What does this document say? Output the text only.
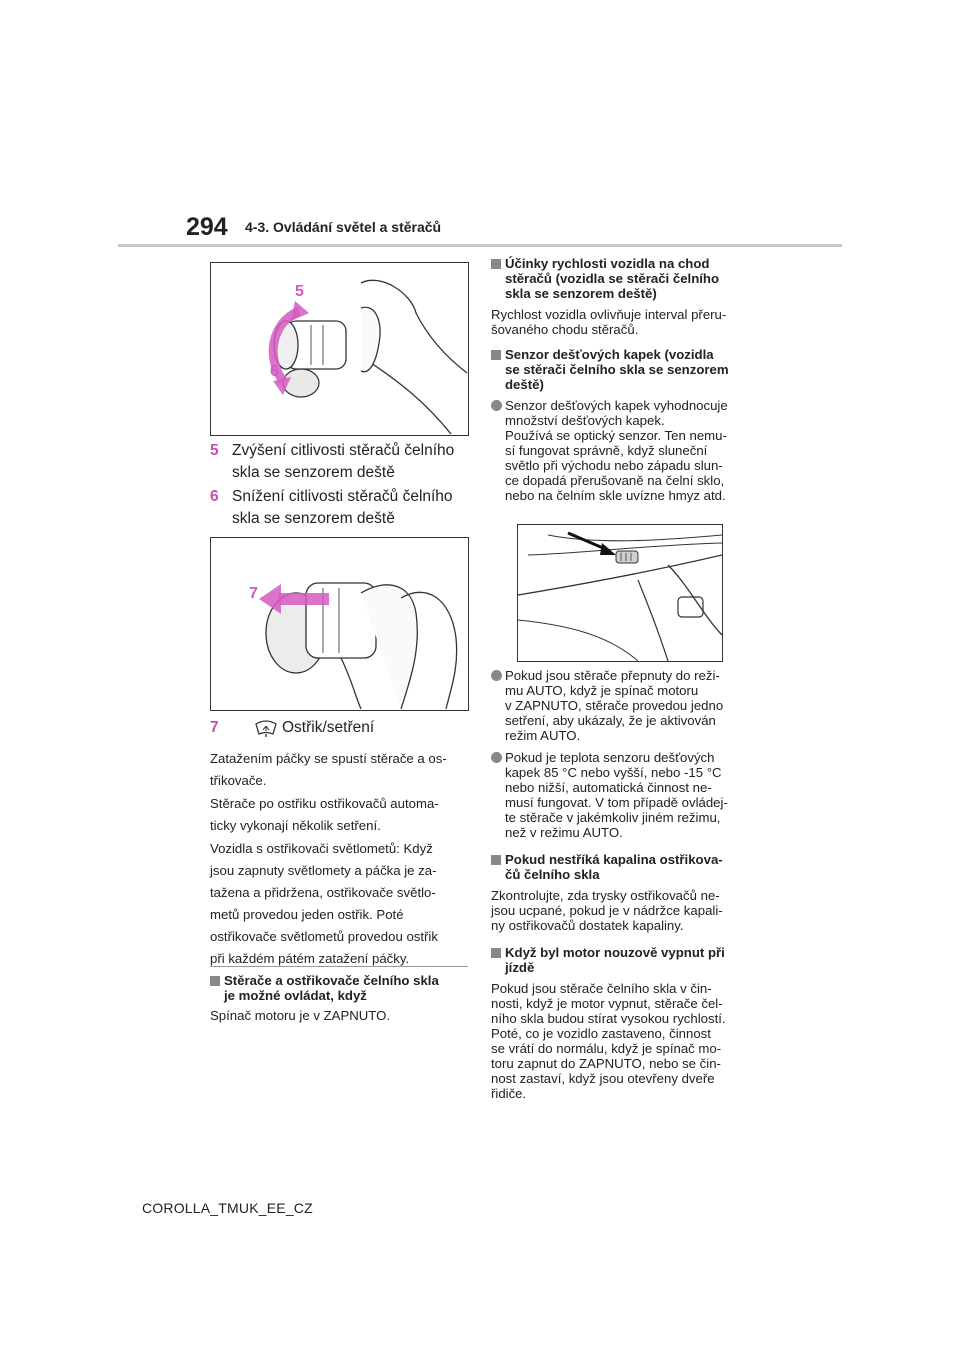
294 4-3. Ovládání světel a stěračů
5
6

5 Zvýšení citlivosti stěračů čelního
skla se senzorem deště

6 Snížení citlivosti stěračů čelního
skla se senzorem deště
7
7	Ostřik/setření
Zatažením páčky se spustí stěrače a os-
třikovače.
Stěrače po ostřiku ostřikovačů automa-
ticky vykonají několik setření.
Vozidla s ostřikovači světlometů: Když
jsou zapnuty světlomety a páčka je za-
tažena a přidržena, ostřikovače světlo-
metů provedou jeden ostřik. Poté
ostřikovače světlometů provedou ostřik
při každém pátém zatažení páčky.
Stěrače a ostřikovače čelního skla
je možné ovládat, když
Spínač motoru je v ZAPNUTO.
Účinky rychlosti vozidla na chod
stěračů (vozidla se stěrači čelního
skla se senzorem deště)
Rychlost vozidla ovlivňuje interval přeru-
šovaného chodu stěračů.
Senzor dešťových kapek (vozidla
se stěrači čelního skla se senzorem
deště)
Senzor dešťových kapek vyhodnocuje
množství dešťových kapek.
Používá se optický senzor. Ten nemu-
sí fungovat správně, když sluneční
světlo při východu nebo západu slun-
ce dopadá přerušovaně na čelní sklo,
nebo na čelním skle uvízne hmyz atd.
Pokud jsou stěrače přepnuty do reži-
mu AUTO, když je spínač motoru
v ZAPNUTO, stěrače provedou jedno
setření, aby ukázaly, že je aktivován
režim AUTO.
Pokud je teplota senzoru dešťových
kapek 85 °C nebo vyšší, nebo -15 °C
nebo nižší, automatická činnost ne-
musí fungovat. V tom případě ovládej-
te stěrače v jakémkoliv jiném režimu,
než v režimu AUTO.
Pokud nestříká kapalina ostřikova-
čů čelního skla
Zkontrolujte, zda trysky ostřikovačů ne-
jsou ucpané, pokud je v nádržce kapali-
ny ostřikovačů dostatek kapaliny.
Když byl motor nouzově vypnut při
jízdě
Pokud jsou stěrače čelního skla v čin-
nosti, když je motor vypnut, stěrače čel-
ního skla budou stírat vysokou rychlostí.
Poté, co je vozidlo zastaveno, činnost
se vrátí do normálu, když je spínač mo-
toru zapnut do ZAPNUTO, nebo se čin-
nost zastaví, když jsou otevřeny dveře
řidiče.
COROLLA_TMUK_EE_CZ
